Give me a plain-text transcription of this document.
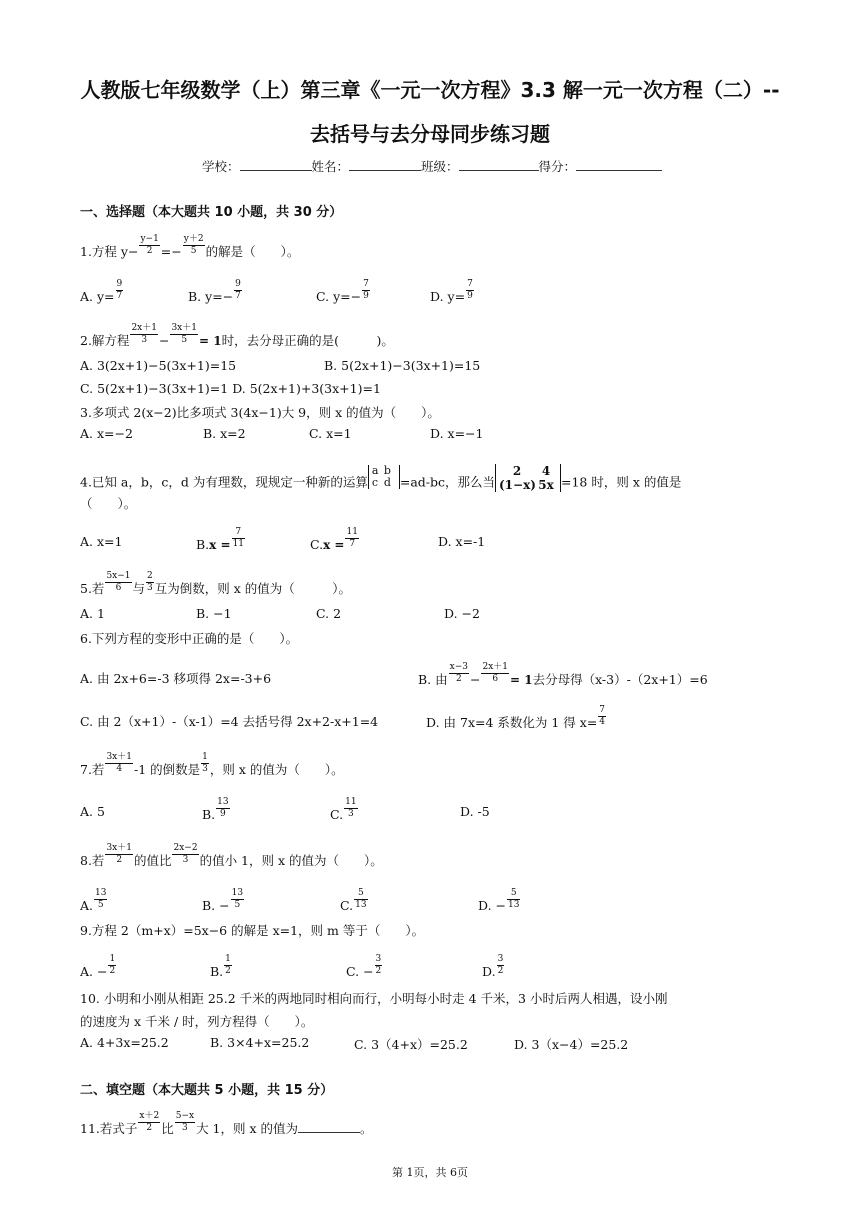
人教版七年级数学（上）第三章《一元一次方程》3.3 解一元一次方程（二）--
去括号与去分母同步练习题
学校：	姓名：	班级：	得分：
一、选择题（本大题共 10 小题，共 30 分）
1.方程 $y- \frac{y-1}{2} =- \frac{y+2}{5}$ 的解是（　　）。
A. $y= \frac{9}{7}$	B. $y=- \frac{9}{7}$	C. $y=- \frac{7}{9}$	D. $y= \frac{7}{9}$
2.解方程 $\frac{2x+1}{3} - \frac{3x+1}{5} = 1$时，去分母正确的是(　　　)。
A. 3(2x+1)−5(3x+1)=15	B. 5(2x+1)−3(3x+1)=15
C. 5(2x+1)−3(3x+1)=1 D. 5(2x+1)+3(3x+1)=1
3.多项式 2(x−2)比多项式 3(4x−1)大 9，则 x 的值为（　　）。
A. x=−2	B. x=2	C. x=1	D. x=−1
4.已知 a，b，c，d 为有理数，现规定一种新的运算a b
c d =ad-bc，那么当2 4
(1−x) 5x =18 时，则 x 的值是
（　　）。
A. x=1	$B.x = \frac{7}{11}$	$C.x = \frac{11}{7}$	D. x=-1
5.若 $\frac{5x-1}{6}$ 与 $\frac{2}{3}$ 互为倒数，则 x 的值为（　　　）。
A. 1	B. −1	C. 2	D. −2
6.下列方程的变形中正确的是（　　）。
A. 由 2x+6=-3 移项得 2x=-3+6	B. 由 $\frac{x-3}{2} - \frac{2x+1}{6} = 1$去分母得（x-3）-（2x+1）=6
C. 由 2（x+1）-（x-1）=4 去括号得 2x+2-x+1=4	D. 由 7x=4 系数化为 1 得 $x= \frac{7}{4}$
7.若 $\frac{3x+1}{4} -1$ 的倒数是 $\frac{1}{3}$ ，则 x 的值为（　　）。
A. 5	B. $\frac{13}{9}$	C. $\frac{11}{3}$	D. -5
8.若 $\frac{3x+1}{2}$ 的值比 $\frac{2x-2}{3}$ 的值小 1，则 x 的值为（　　）。
A. $\frac{13}{5}$	B. − $\frac{13}{5}$	C. $\frac{5}{13}$	D. − $\frac{5}{13}$
9.方程 2（m+x）=5x−6 的解是 x=1，则 m 等于（　　）。
A. − $\frac{1}{2}$	B. $\frac{1}{2}$	C. − $\frac{3}{2}$	D. $\frac{3}{2}$
10. 小明和小刚从相距 25.2 千米的两地同时相向而行，小明每小时走 4 千米，3 小时后两人相遇，设小刚
的速度为 x 千米 / 时，列方程得（　　）。
A. 4+3x=25.2	B. 3×4+x=25.2	C. 3（4+x）=25.2	D. 3（x−4）=25.2
二、填空题（本大题共 5 小题，共 15 分）
11.若式子 $\frac{x+2}{2}$ 比 $\frac{5-x}{3}$ 大 1，则 x 的值为	。
第 1页，共 6页
